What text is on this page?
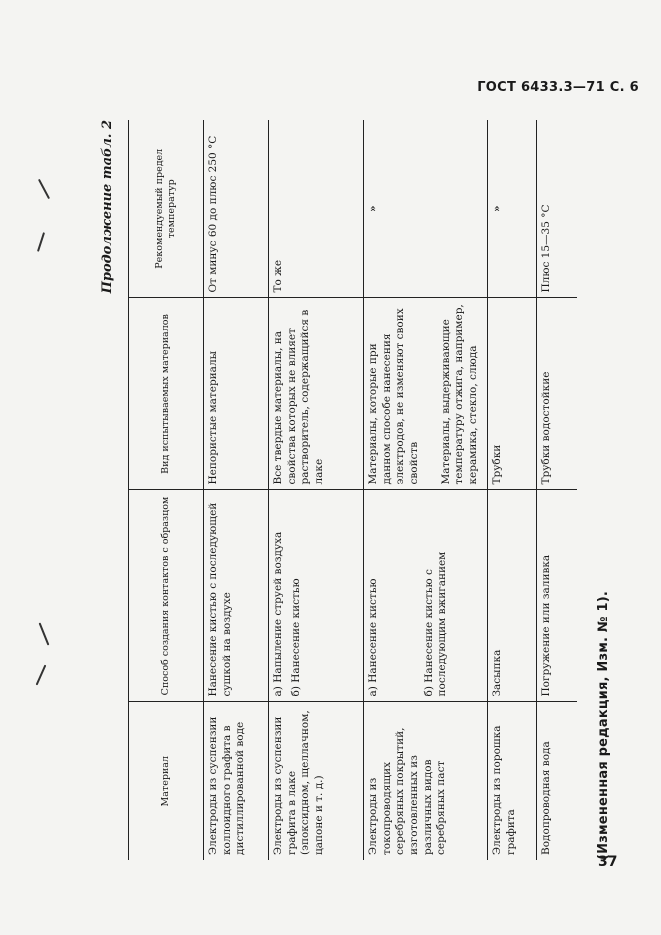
ГОСТ 6433.3—71 С. 6
Продолжение табл. 2
Материал	Способ создания контактов с образцом	Вид испытываемых материалов	Рекомендуемый предел температур
Электроды из суспензии коллоидного графита в дистиллированной воде	Нанесение кистью с последующей сушкой на воздухе	Непористые материалы	От минус 60 до плюс 250 °С
Электроды из суспензии графита в лаке (эпоксидном, щеллачном, цапоне и т. д.)	а) Напыление струей воздуха б) Нанесение кистью	Все твердые материалы, на свойства которых не влияет растворитель, содержащийся в лаке	То же
Электроды из токопроводящих серебряных покрытий, изготовленных из различных видов серебряных паст	а) Нанесение кистью б) Нанесение кистью с последующим вжиганием	Материалы, которые при данном способе нанесения электродов, не изменяют своих свойств Материалы, выдерживающие температуру отжига, например, керамика, стекло, слюда	»

Электроды из порошка графита	Засыпка	Трубки	»

Водопроводная вода	Погружение или заливка	Трубки водостойкие	Плюс 15—35 °С
(Измененная редакция, Изм. № 1).
37
